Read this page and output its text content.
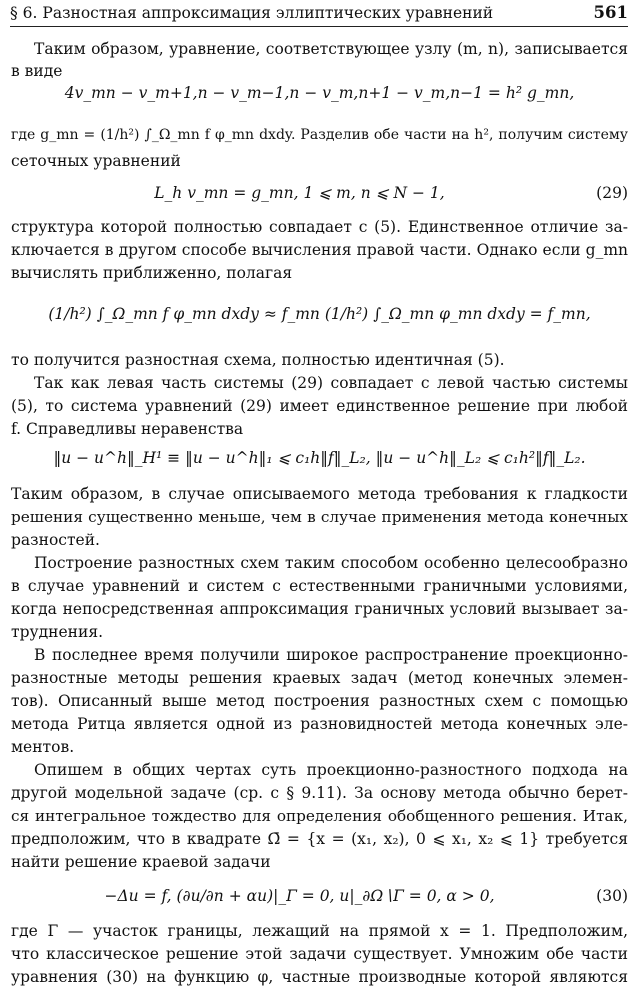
§ 6. Разностная аппроксимация эллиптических уравнений	561
Таким образом, уравнение, соответствующее узлу (m, n), записывается
в виде
4v_mn − v_m+1,n − v_m−1,n − v_m,n+1 − v_m,n−1 = h² g_mn,
где g_mn = (1/h²) ∫_Ω_mn f φ_mn dxdy. Разделив обе части на h², получим систему
сеточных уравнений
L_h v_mn = g_mn, 1 ⩽ m, n ⩽ N − 1,	(29)
структура которой полностью совпадает с (5). Единственное отличие за-
ключается в другом способе вычисления правой части. Однако если g_mn
вычислять приближенно, полагая
(1/h²) ∫_Ω_mn f φ_mn dxdy ≈ f_mn (1/h²) ∫_Ω_mn φ_mn dxdy = f_mn,
то получится разностная схема, полностью идентичная (5).
Так как левая часть системы (29) совпадает с левой частью системы
(5), то система уравнений (29) имеет единственное решение при любой
f. Справедливы неравенства
‖u − u^h‖_H¹ ≡ ‖u − u^h‖₁ ⩽ c₁h‖f‖_L₂, ‖u − u^h‖_L₂ ⩽ c₁h²‖f‖_L₂.
Таким образом, в случае описываемого метода требования к гладкости
решения существенно меньше, чем в случае применения метода конечных
разностей.
Построение разностных схем таким способом особенно целесообразно
в случае уравнений и систем с естественными граничными условиями,
когда непосредственная аппроксимация граничных условий вызывает за-
труднения.
В последнее время получили широкое распространение проекционно-
разностные методы решения краевых задач (метод конечных элемен-
тов). Описанный выше метод построения разностных схем с помощью
метода Ритца является одной из разновидностей метода конечных эле-
ментов.
Опишем в общих чертах суть проекционно-разностного подхода на
другой модельной задаче (ср. с § 9.11). За основу метода обычно берет-
ся интегральное тождество для определения обобщенного решения. Итак,
предположим, что в квадрате Ω̄ = {x = (x₁, x₂), 0 ⩽ x₁, x₂ ⩽ 1} требуется
найти решение краевой задачи
−Δu = f, (∂u/∂n + αu)|_Γ = 0, u|_∂Ω∖Γ = 0, α > 0,	(30)
где Γ — участок границы, лежащий на прямой x = 1. Предположим,
что классическое решение этой задачи существует. Умножим обе части
уравнения (30) на функцию φ, частные производные которой являются
